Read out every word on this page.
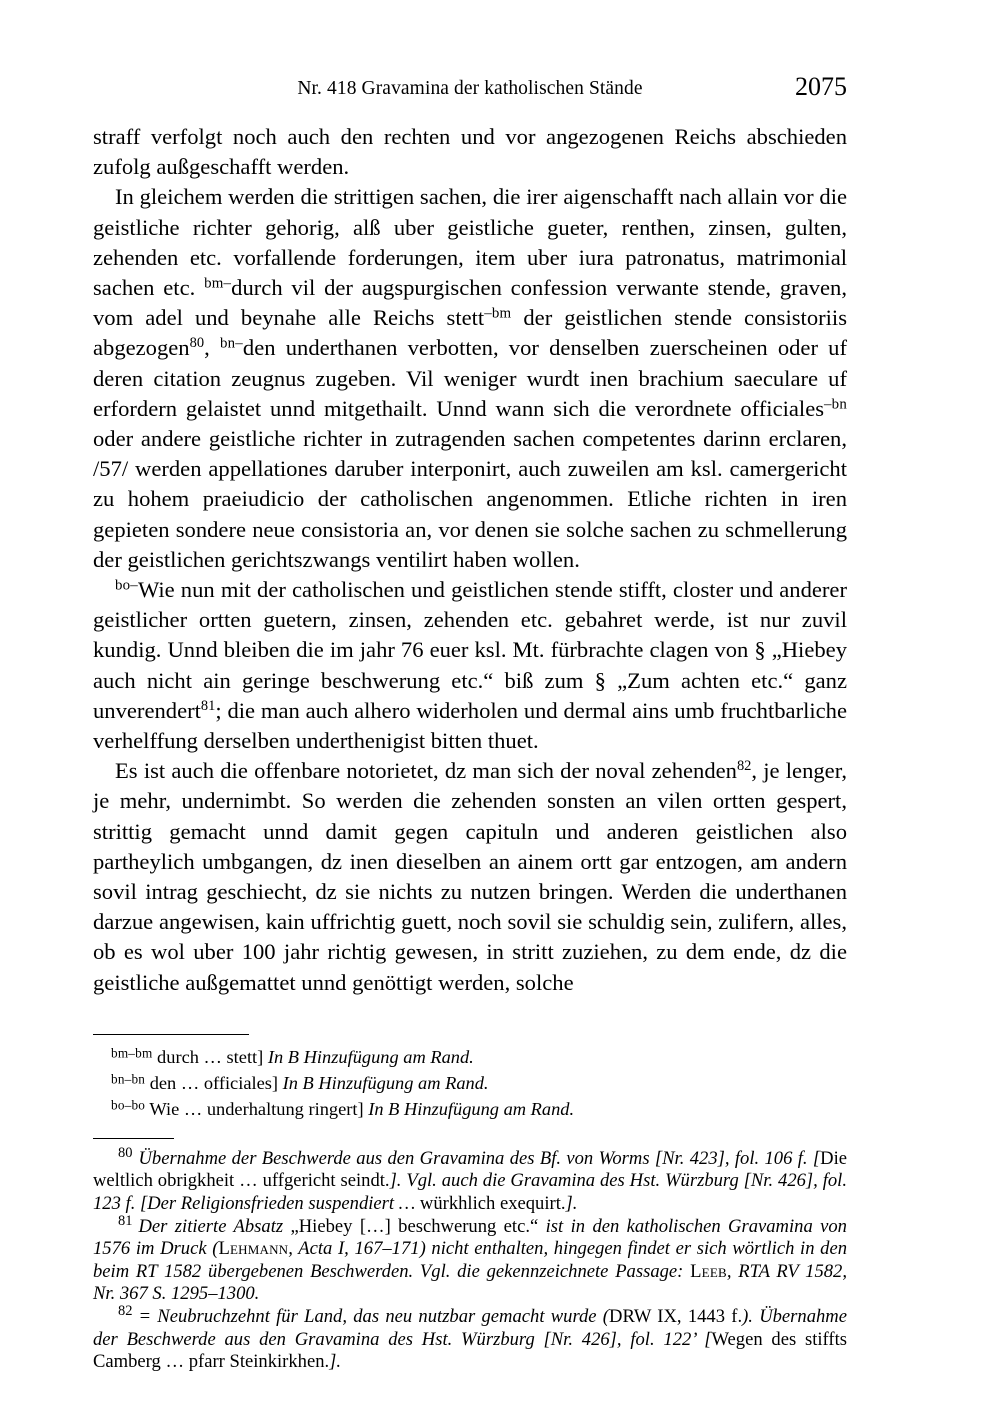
Nr. 418 Gravamina der katholischen Stände	2075

straff verfolgt noch auch den rechten und vor angezogenen Reichs abschieden zufolg außgeschafft werden.

In gleichem werden die strittigen sachen, die irer aigenschafft nach allain vor die geistliche richter gehorig, alß uber geistliche gueter, renthen, zinsen, gulten, zehenden etc. vorfallende forderungen, item uber iura patronatus, matrimonial sachen etc. $^{bm-}$durch vil der augspurgischen confession verwante stende, graven, vom adel und beynahe alle Reichs stett$^{-bm}$ der geistlichen stende consistoriis abgezogen$^{80}$, $^{bn-}$den underthanen verbotten, vor denselben zuerscheinen oder uf deren citation zeugnus zugeben. Vil weniger wurdt inen brachium saeculare uf erfordern gelaistet unnd mitgethailt. Unnd wann sich die verordnete officiales$^{-bn}$ oder andere geistliche richter in zutragenden sachen competentes darinn erclaren, /57/ werden appellationes daruber interponirt, auch zuweilen am ksl. camergericht zu hohem praeiudicio der catholischen angenommen. Etliche richten in iren gepieten sondere neue consistoria an, vor denen sie solche sachen zu schmellerung der geistlichen gerichtszwangs ventilirt haben wollen.

$^{bo-}$Wie nun mit der catholischen und geistlichen stende stifft, closter und anderer geistlicher ortten guetern, zinsen, zehenden etc. gebahret werde, ist nur zuvil kundig. Unnd bleiben die im jahr 76 euer ksl. Mt. fürbrachte clagen von § „Hiebey auch nicht ain geringe beschwerung etc.“ biß zum § „Zum achten etc.“ ganz unverendert$^{81}$; die man auch alhero widerholen und dermal ains umb fruchtbarliche verhelffung derselben underthenigist bitten thuet.

Es ist auch die offenbare notorietet, dz man sich der noval zehenden$^{82}$, je lenger, je mehr, undernimbt. So werden die zehenden sonsten an vilen ortten gespert, strittig gemacht unnd damit gegen capituln und anderen geistlichen also partheylich umbgangen, dz inen dieselben an ainem ortt gar entzogen, am andern sovil intrag geschiecht, dz sie nichts zu nutzen bringen. Werden die underthanen darzue angewisen, kain uffrichtig guett, noch sovil sie schuldig sein, zulifern, alles, ob es wol uber 100 jahr richtig gewesen, in stritt zuziehen, zu dem ende, dz die geistliche außgemattet unnd genöttigt werden, solche

$^{bm-bm}$ durch … stett] In B Hinzufügung am Rand.

$^{bn-bn}$ den … officiales] In B Hinzufügung am Rand.

$^{bo-bo}$ Wie … underhaltung ringert] In B Hinzufügung am Rand.

$^{80}$ Übernahme der Beschwerde aus den Gravamina des Bf. von Worms [Nr. 423], fol. 106 f. [Die weltlich obrigkheit … uffgericht seindt.]. Vgl. auch die Gravamina des Hst. Würzburg [Nr. 426], fol. 123 f. [Der Religionsfrieden suspendiert … würkhlich exequirt.].

$^{81}$ Der zitierte Absatz „Hiebey […] beschwerung etc.“ ist in den katholischen Gravamina von 1576 im Druck (Lehmann, Acta I, 167–171) nicht enthalten, hingegen findet er sich wörtlich in den beim RT 1582 übergebenen Beschwerden. Vgl. die gekennzeichnete Passage: Leeb, RTA RV 1582, Nr. 367 S. 1295–1300.

$^{82}$ = Neubruchzehnt für Land, das neu nutzbar gemacht wurde (DRW IX, 1443 f.). Übernahme der Beschwerde aus den Gravamina des Hst. Würzburg [Nr. 426], fol. 122’ [Wegen des stiffts Camberg … pfarr Steinkirkhen.].
